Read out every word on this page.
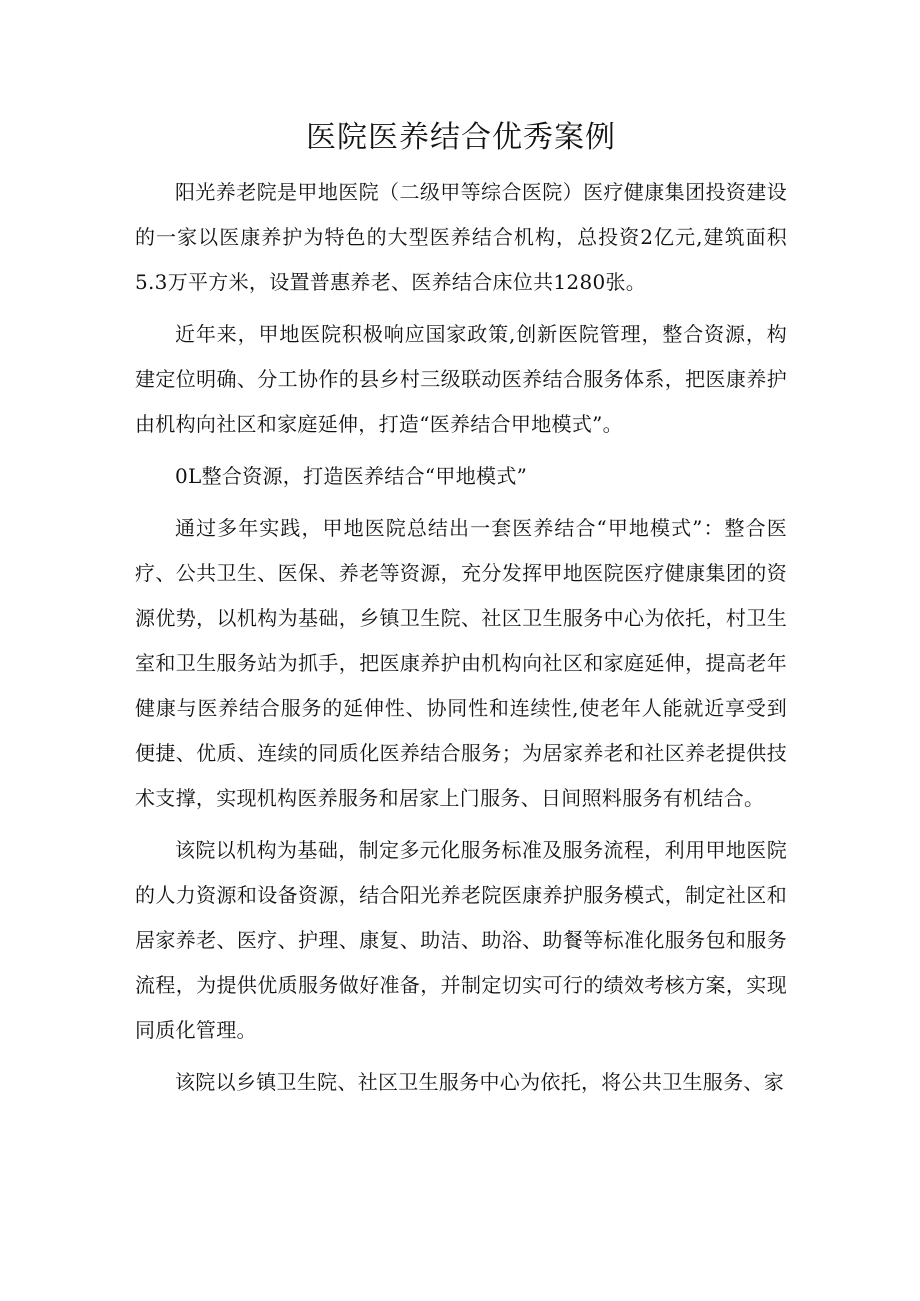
医院医养结合优秀案例

阳光养老院是甲地医院（二级甲等综合医院）医疗健康集团投资建设的一家以医康养护为特色的大型医养结合机构，总投资2亿元,建筑面积5.3万平方米，设置普惠养老、医养结合床位共1280张。

近年来，甲地医院积极响应国家政策,创新医院管理，整合资源，构建定位明确、分工协作的县乡村三级联动医养结合服务体系，把医康养护由机构向社区和家庭延伸，打造“医养结合甲地模式”。

0L整合资源，打造医养结合“甲地模式”

通过多年实践，甲地医院总结出一套医养结合“甲地模式”：整合医疗、公共卫生、医保、养老等资源，充分发挥甲地医院医疗健康集团的资源优势，以机构为基础，乡镇卫生院、社区卫生服务中心为依托，村卫生室和卫生服务站为抓手，把医康养护由机构向社区和家庭延伸，提高老年健康与医养结合服务的延伸性、协同性和连续性,使老年人能就近享受到便捷、优质、连续的同质化医养结合服务；为居家养老和社区养老提供技术支撑，实现机构医养服务和居家上门服务、日间照料服务有机结合。

该院以机构为基础，制定多元化服务标准及服务流程，利用甲地医院的人力资源和设备资源，结合阳光养老院医康养护服务模式，制定社区和居家养老、医疗、护理、康复、助洁、助浴、助餐等标准化服务包和服务流程，为提供优质服务做好准备，并制定切实可行的绩效考核方案，实现同质化管理。

该院以乡镇卫生院、社区卫生服务中心为依托，将公共卫生服务、家
